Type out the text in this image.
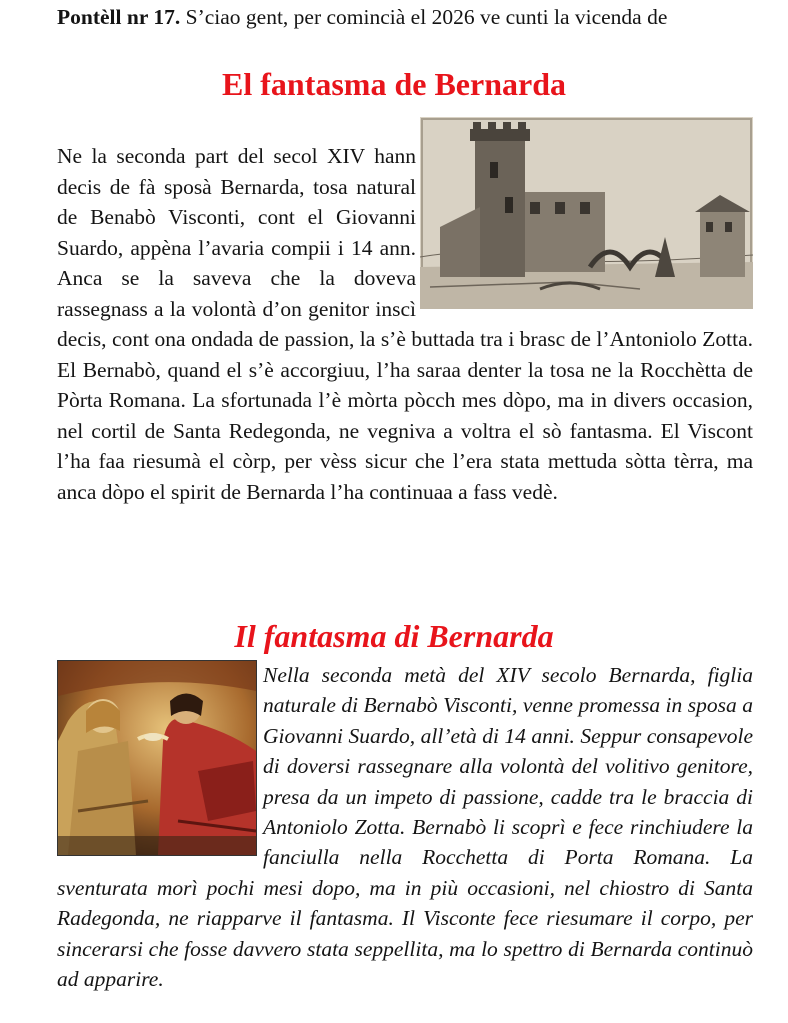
Pontèll nr 17. S’ciao gent, per comincià el 2026 ve cunti la vicenda de

El fantasma de Bernarda
Ne la seconda part del secol XIV hann decis de fà sposà Bernarda, tosa natural de Benabò Visconti, cont el Giovanni Suardo, appèna l’avaria compii i 14 ann. Anca se la saveva che la doveva rassegnass a la volontà d’on genitor inscì decis, cont ona ondada de passion, la s’è buttada tra i brasc de l’Antoniolo Zotta. El Bernabò, quand el s’è accorgiuu, l’ha saraa denter la tosa ne la Rocchètta de Pòrta Romana. La sfortunada l’è mòrta pòcch mes dòpo, ma in divers occasion, nel cortil de Santa Redegonda, ne vegniva a voltra el sò fantasma. El Viscont l’ha faa riesumà el còrp, per vèss sicur che l’era stata mettuda sòtta tèrra, ma anca dòpo el spirit de Bernarda l’ha continuaa a fass vedè.
Il fantasma di Bernarda
Nella seconda metà del XIV secolo Bernarda, figlia naturale di Bernabò Visconti, venne promessa in sposa a Giovanni Suardo, all’età di 14 anni. Seppur consapevole di doversi rassegnare alla volontà del volitivo genitore, presa da un impeto di passione, cadde tra le braccia di Antoniolo Zotta. Bernabò li scoprì e fece rinchiudere la fanciulla nella Rocchetta di Porta Romana. La sventurata morì pochi mesi dopo, ma in più occasioni, nel chiostro di Santa Radegonda, ne riapparve il fantasma. Il Visconte fece riesumare il corpo, per sincerarsi che fosse davvero stata seppellita, ma lo spettro di Bernarda continuò ad apparire.
